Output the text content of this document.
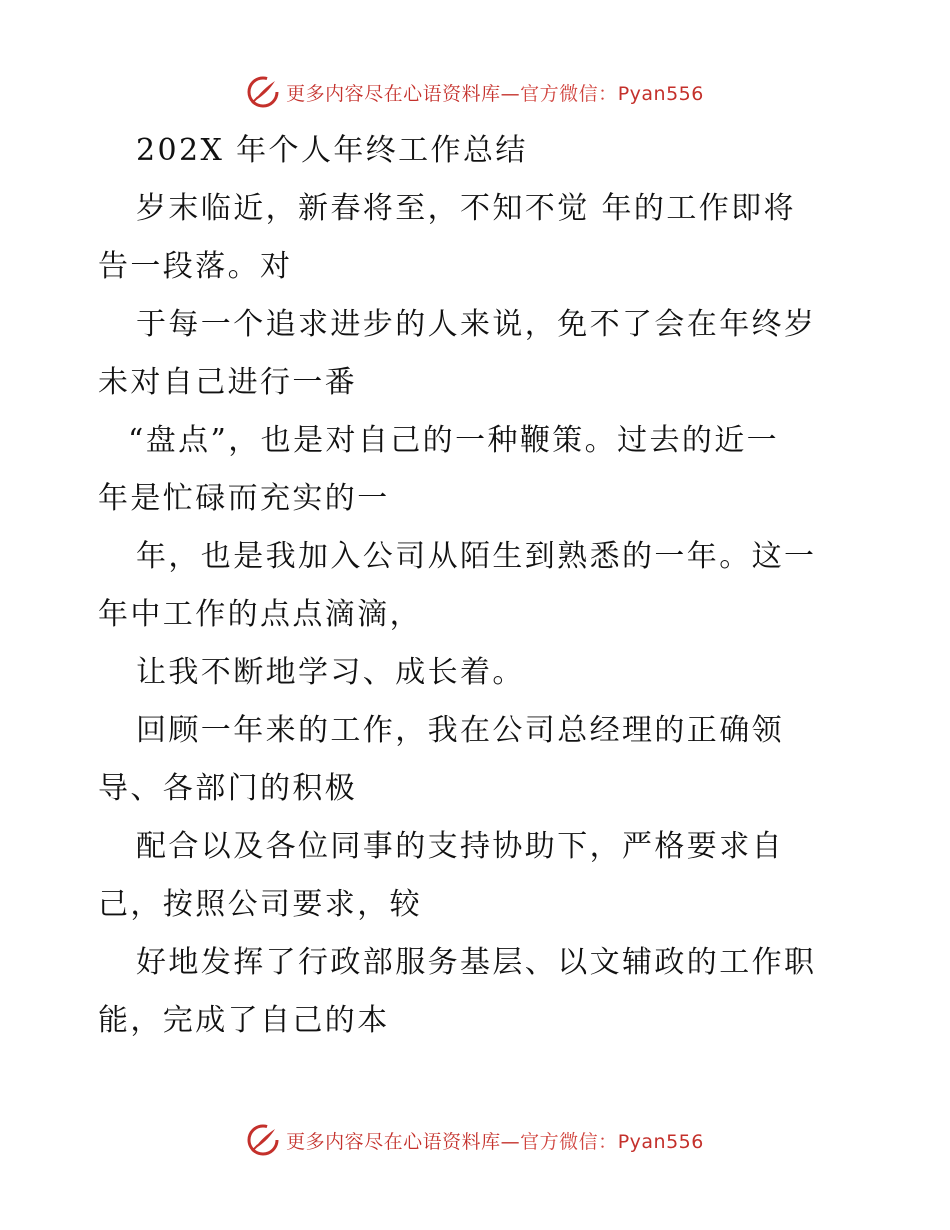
更多内容尽在心语资料库—官方微信：Pyan556
202X 年个人年终工作总结
岁末临近，新春将至，不知不觉 年的工作即将
告一段落。对
于每一个追求进步的人来说，免不了会在年终岁
未对自己进行一番
“盘点”，也是对自己的一种鞭策。过去的近一
年是忙碌而充实的一
年，也是我加入公司从陌生到熟悉的一年。这一
年中工作的点点滴滴，
让我不断地学习、成长着。
回顾一年来的工作，我在公司总经理的正确领
导、各部门的积极
配合以及各位同事的支持协助下，严格要求自
己，按照公司要求，较
好地发挥了行政部服务基层、以文辅政的工作职
能，完成了自己的本
更多内容尽在心语资料库—官方微信：Pyan556
